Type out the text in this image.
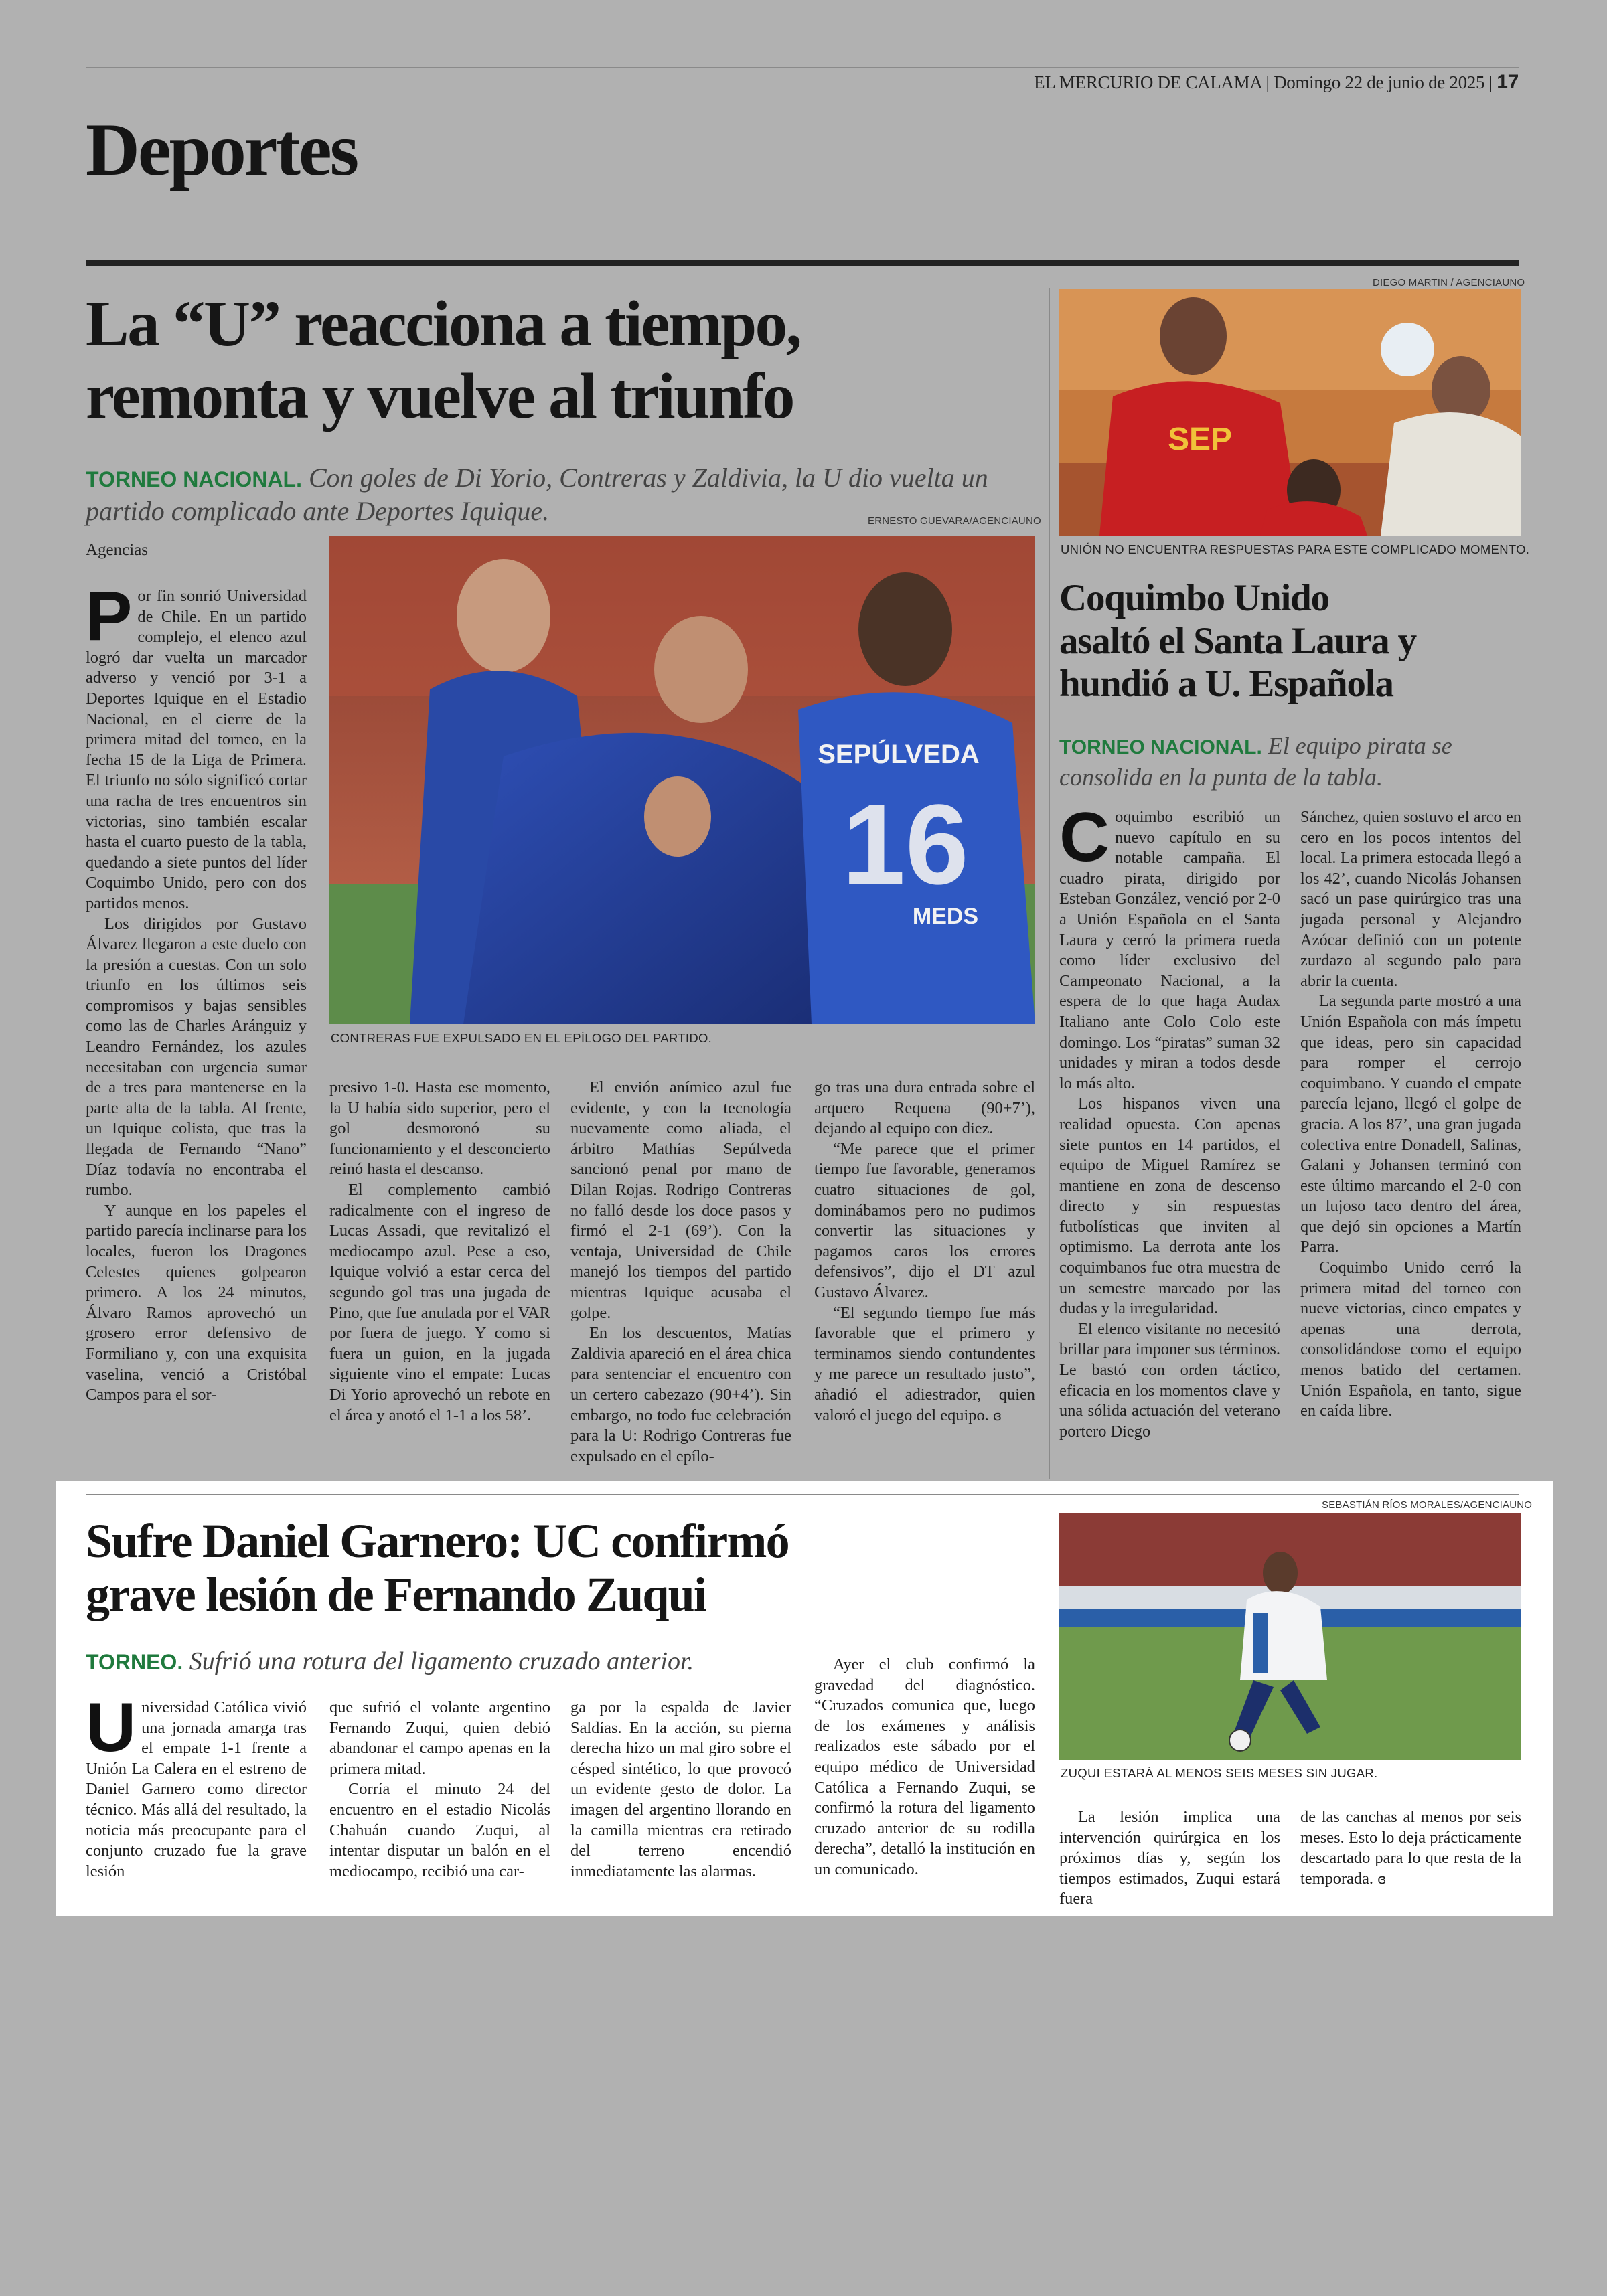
EL MERCURIO DE CALAMA | Domingo 22 de junio de 2025 | 17
Deportes
La “U” reacciona a tiempo,
remonta y vuelve al triunfo
TORNEO NACIONAL. Con goles de Di Yorio, Contreras y Zaldivia, la U dio vuelta un partido complicado ante Deportes Iquique.	ERNESTO GUEVARA/AGENCIAUNO
Agencias
SEPÚLVEDA
16
MEDS
CONTRERAS FUE EXPULSADO EN EL EPÍLOGO DEL PARTIDO.

Por fin sonrió Universidad de Chile. En un partido complejo, el elenco azul logró dar vuelta un marcador adverso y venció por 3-1 a Deportes Iquique en el Estadio Nacional, en el cierre de la primera mitad del torneo, en la fecha 15 de la Liga de Primera. El triunfo no sólo significó cortar una racha de tres encuentros sin victorias, sino también escalar hasta el cuarto puesto de la tabla, quedando a siete puntos del líder Coquimbo Unido, pero con dos partidos menos.

Los dirigidos por Gustavo Álvarez llegaron a este duelo con la presión a cuestas. Con un solo triunfo en los últimos seis compromisos y bajas sensibles como las de Charles Aránguiz y Leandro Fernández, los azules necesitaban con urgencia sumar de a tres para mantenerse en la parte alta de la tabla. Al frente, un Iquique colista, que tras la llegada de Fernando “Nano” Díaz todavía no encontraba el rumbo.

Y aunque en los papeles el partido parecía inclinarse para los locales, fueron los Dragones Celestes quienes golpearon primero. A los 24 minutos, Álvaro Ramos aprovechó un grosero error defensivo de Formiliano y, con una exquisita vaselina, venció a Cristóbal Campos para el sor-

presivo 1-0. Hasta ese momento, la U había sido superior, pero el gol desmoronó su funcionamiento y el desconcierto reinó hasta el descanso.

El complemento cambió radicalmente con el ingreso de Lucas Assadi, que revitalizó el mediocampo azul. Pese a eso, Iquique volvió a estar cerca del segundo gol tras una jugada de Pino, que fue anulada por el VAR por fuera de juego. Y como si fuera un guion, en la jugada siguiente vino el empate: Lucas Di Yorio aprovechó un rebote en el área y anotó el 1-1 a los 58’.

El envión anímico azul fue evidente, y con la tecnología nuevamente como aliada, el árbitro Mathías Sepúlveda sancionó penal por mano de Dilan Rojas. Rodrigo Contreras no falló desde los doce pasos y firmó el 2-1 (69’). Con la ventaja, Universidad de Chile manejó los tiempos del partido mientras Iquique acusaba el golpe.

En los descuentos, Matías Zaldivia apareció en el área chica para sentenciar el encuentro con un certero cabezazo (90+4’). Sin embargo, no todo fue celebración para la U: Rodrigo Contreras fue expulsado en el epílo-

go tras una dura entrada sobre el arquero Requena (90+7’), dejando al equipo con diez.

“Me parece que el primer tiempo fue favorable, generamos cuatro situaciones de gol, dominábamos pero no pudimos convertir las situaciones y pagamos caros los errores defensivos”, dijo el DT azul Gustavo Álvarez.

“El segundo tiempo fue más favorable que el primero y terminamos siendo contundentes y me parece un resultado justo”, añadió el adiestrador, quien valoró el juego del equipo. ɞ

DIEGO MARTIN / AGENCIAUNO
SEP
UNIÓN NO ENCUENTRA RESPUESTAS PARA ESTE COMPLICADO MOMENTO.
Coquimbo Unido
asaltó el Santa Laura y
hundió a U. Española
TORNEO NACIONAL. El equipo pirata se consolida en la punta de la tabla.

Coquimbo escribió un nuevo capítulo en su notable campaña. El cuadro pirata, dirigido por Esteban González, venció por 2-0 a Unión Española en el Santa Laura y cerró la primera rueda como líder exclusivo del Campeonato Nacional, a la espera de lo que haga Audax Italiano ante Colo Colo este domingo. Los “piratas” suman 32 unidades y miran a todos desde lo más alto.

Los hispanos viven una realidad opuesta. Con apenas siete puntos en 14 partidos, el equipo de Miguel Ramírez se mantiene en zona de descenso directo y sin respuestas futbolísticas que inviten al optimismo. La derrota ante los coquimbanos fue otra muestra de un semestre marcado por las dudas y la irregularidad.

El elenco visitante no necesitó brillar para imponer sus términos. Le bastó con orden táctico, eficacia en los momentos clave y una sólida actuación del veterano portero Diego

Sánchez, quien sostuvo el arco en cero en los pocos intentos del local. La primera estocada llegó a los 42’, cuando Nicolás Johansen sacó un pase quirúrgico tras una jugada personal y Alejandro Azócar definió con un potente zurdazo al segundo palo para abrir la cuenta.

La segunda parte mostró a una Unión Española con más ímpetu que ideas, pero sin capacidad para romper el cerrojo coquimbano. Y cuando el empate parecía lejano, llegó el golpe de gracia. A los 87’, una gran jugada colectiva entre Donadell, Salinas, Galani y Johansen terminó con este último marcando el 2-0 con un lujoso taco dentro del área, que dejó sin opciones a Martín Parra.

Coquimbo Unido cerró la primera mitad del torneo con nueve victorias, cinco empates y apenas una derrota, consolidándose como el equipo menos batido del certamen. Unión Española, en tanto, sigue en caída libre.

Sufre Daniel Garnero: UC confirmó
grave lesión de Fernando Zuqui
TORNEO. Sufrió una rotura del ligamento cruzado anterior.
SEBASTIÁN RÍOS MORALES/AGENCIAUNO
ZUQUI ESTARÁ AL MENOS SEIS MESES SIN JUGAR.

Universidad Católica vivió una jornada amarga tras el empate 1-1 frente a Unión La Calera en el estreno de Daniel Garnero como director técnico. Más allá del resultado, la noticia más preocupante para el conjunto cruzado fue la grave lesión

que sufrió el volante argentino Fernando Zuqui, quien debió abandonar el campo apenas en la primera mitad.

Corría el minuto 24 del encuentro en el estadio Nicolás Chahuán cuando Zuqui, al intentar disputar un balón en el mediocampo, recibió una car-

ga por la espalda de Javier Saldías. En la acción, su pierna derecha hizo un mal giro sobre el césped sintético, lo que provocó un evidente gesto de dolor. La imagen del argentino llorando en la camilla mientras era retirado del terreno encendió inmediatamente las alarmas.

Ayer el club confirmó la gravedad del diagnóstico. “Cruzados comunica que, luego de los exámenes y análisis realizados este sábado por el equipo médico de Universidad Católica a Fernando Zuqui, se confirmó la rotura del ligamento cruzado anterior de su rodilla derecha”, detalló la institución en un comunicado.

La lesión implica una intervención quirúrgica en los próximos días y, según los tiempos estimados, Zuqui estará fuera

de las canchas al menos por seis meses. Esto lo deja prácticamente descartado para lo que resta de la temporada. ɞ
